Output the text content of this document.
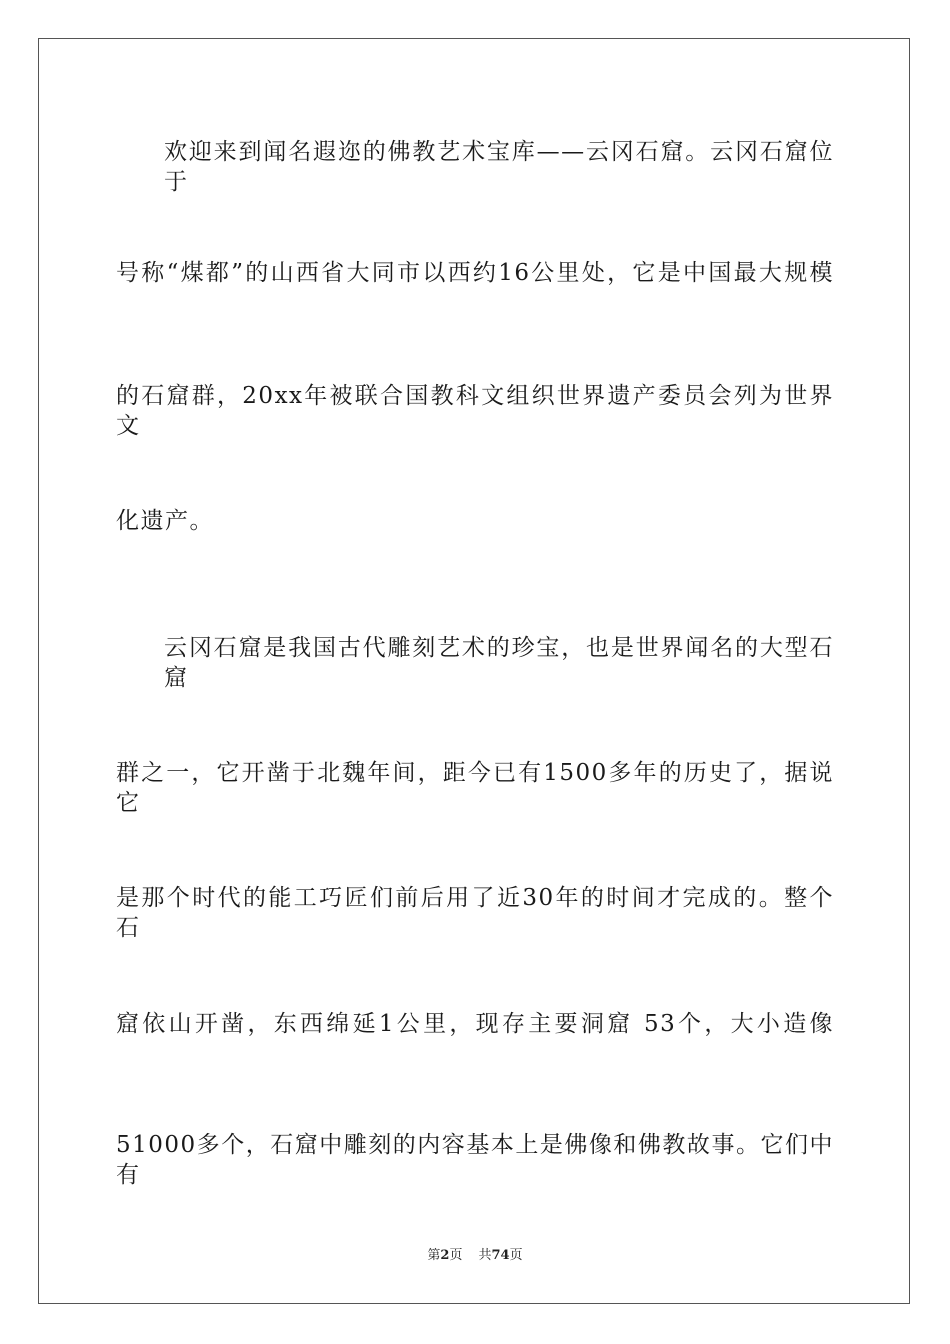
欢迎来到闻名遐迩的佛教艺术宝库——云冈石窟。云冈石窟位于
号称“煤都”的山西省大同市以西约16公里处，它是中国最大规模
的石窟群，20xx年被联合国教科文组织世界遗产委员会列为世界文
化遗产。
云冈石窟是我国古代雕刻艺术的珍宝，也是世界闻名的大型石窟
群之一，它开凿于北魏年间，距今已有1500多年的历史了，据说它
是那个时代的能工巧匠们前后用了近30年的时间才完成的。整个石
窟依山开凿，东西绵延1公里，现存主要洞窟 53个，大小造像
51000多个，石窟中雕刻的内容基本上是佛像和佛教故事。它们中有
第2页 共74页
